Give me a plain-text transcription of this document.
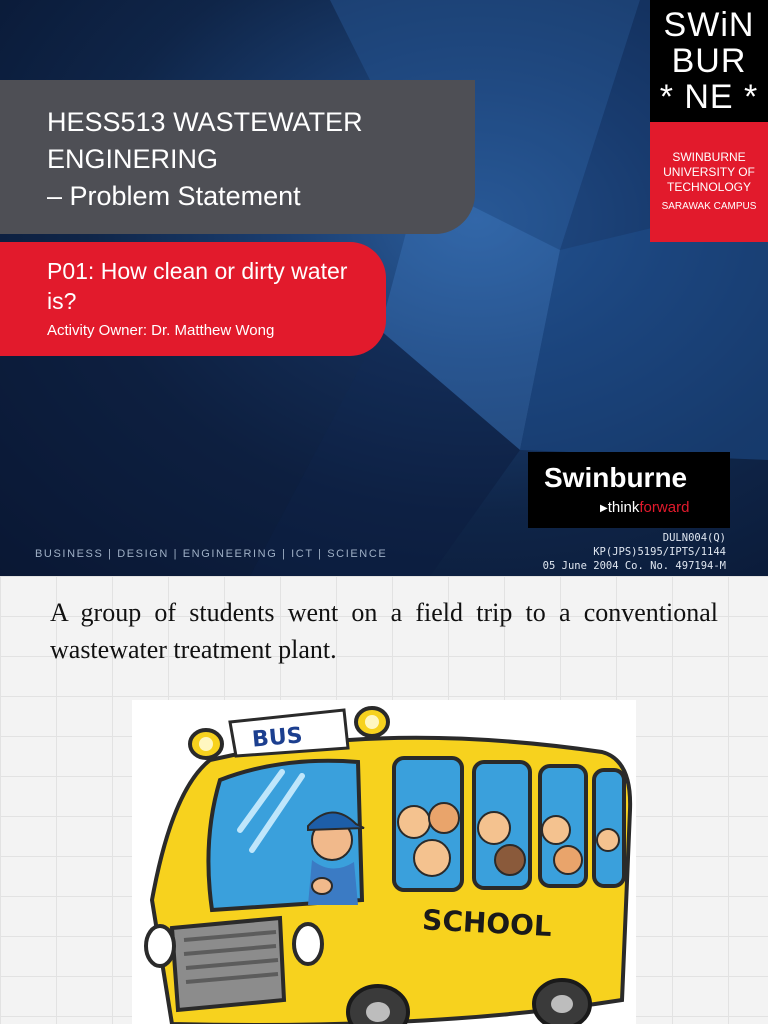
HESS513 WASTEWATER ENGINERING
– Problem Statement
P01: How clean or dirty water is?
Activity Owner: Dr. Matthew Wong
SWiN
BUR
* NE *
SWINBURNE
UNIVERSITY OF
TECHNOLOGY
SARAWAK CAMPUS
Swinburne
▶thinkforward
DULN004(Q) KP(JPS)5195/IPTS/1144
05 June 2004 Co. No. 497194-M
BUSINESS | DESIGN | ENGINEERING | ICT | SCIENCE
A group of students went on a field trip to a conventional wastewater treatment plant.
BUS
SCHOOL
